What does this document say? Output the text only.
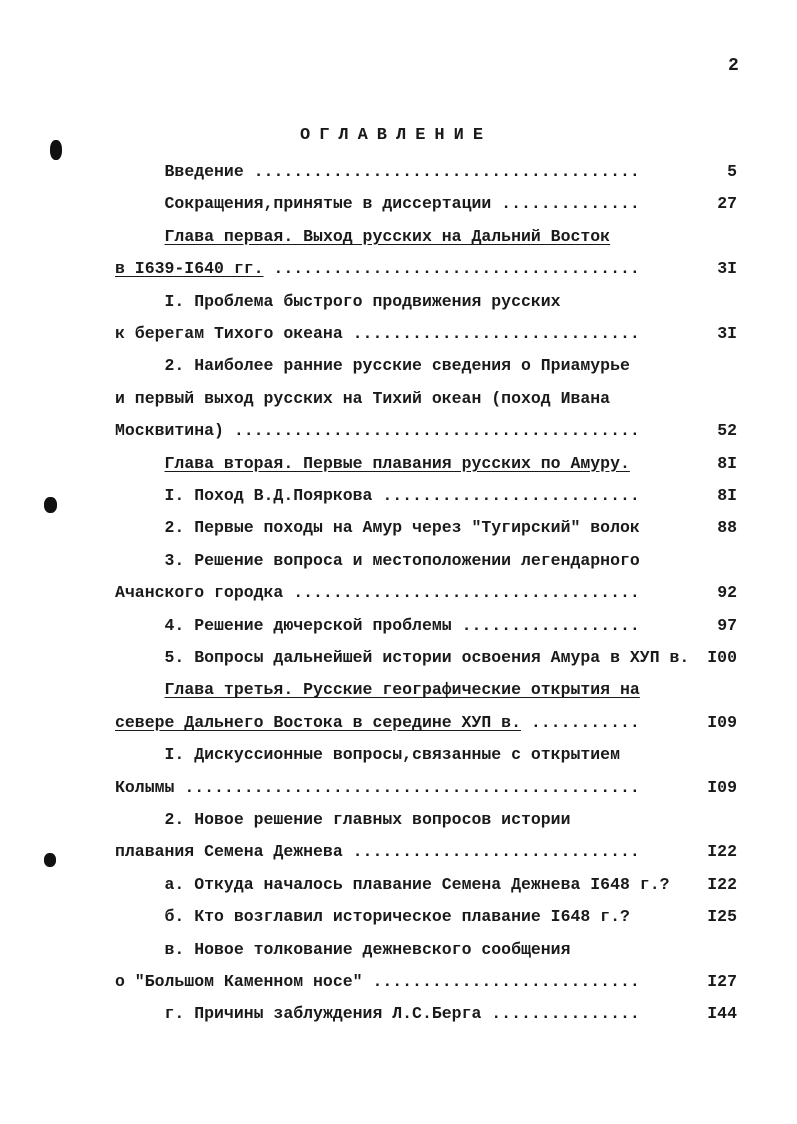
2
ОГЛАВЛЕНИЕ
Введение .......................................	5
Сокращения,принятые в диссертации ..............	27
Глава первая. Выход русских на Дальний Восток
в I639-I640 гг. .....................................	3I
I. Проблема быстрого продвижения русских
к берегам Тихого океана .............................	3I
2. Наиболее ранние русские сведения о Приамурье
и первый выход русских на Тихий океан (поход Ивана
Москвитина) .........................................	52
Глава вторая. Первые плавания русских по Амуру.	8I
I. Поход В.Д.Пояркова ..........................	8I
2. Первые походы на Амур через "Тугирский" волок	88
3. Решение вопроса и местоположении легендарного
Ачанского городка ...................................	92
4. Решение дючерской проблемы ..................	97
5. Вопросы дальнейшей истории освоения Амура в ХУП в. I00
Глава третья. Русские географические открытия на
севере Дальнего Востока в середине ХУП в. ...........	I09
I. Дискуссионные вопросы,связанные с открытием
Колымы ..............................................	I09
2. Новое решение главных вопросов истории
плавания Семена Дежнева .............................	I22
а. Откуда началось плавание Семена Дежнева I648 г.? I22
б. Кто возглавил историческое плавание I648 г.?	I25
в. Новое толкование дежневского сообщения
о "Большом Каменном носе" ...........................	I27
г. Причины заблуждения Л.С.Берга ...............	I44
